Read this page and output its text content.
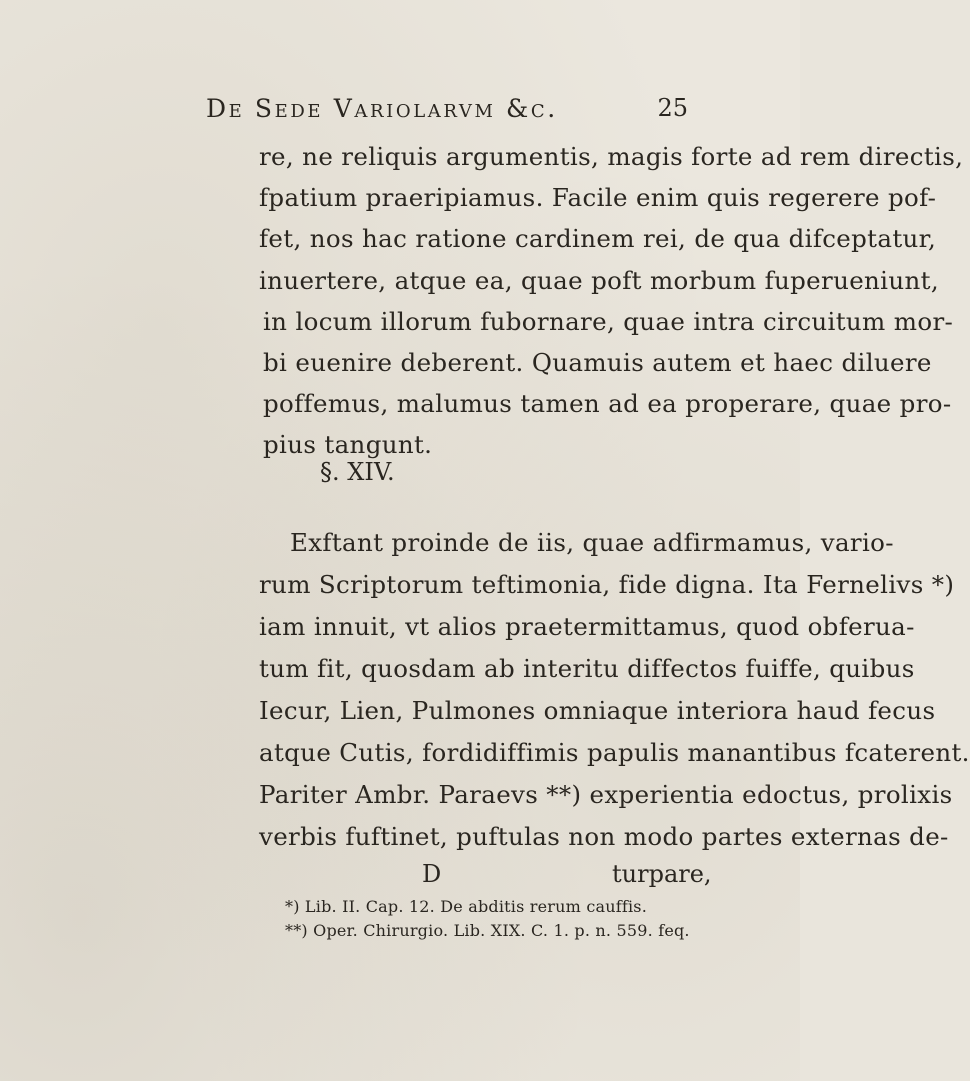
De Sede Variolarvm &c.	25
re, ne reliquis argumentis, magis forte ad rem directis,
fpatium praeripiamus. Facile enim quis regerere pof-
fet, nos hac ratione cardinem rei, de qua difceptatur,
inuertere, atque ea, quae poft morbum fuperueniunt,
in locum illorum fubornare, quae intra circuitum mor-
bi euenire deberent. Quamuis autem et haec diluere
poffemus, malumus tamen ad ea properare, quae pro-
pius tangunt.
§. XIV.
Exftant proinde de iis, quae adfirmamus, vario-
rum Scriptorum teftimonia, fide digna. Ita Fernelivs *)
iam innuit, vt alios praetermittamus, quod obferua-
tum fit, quosdam ab interitu diffectos fuiffe, quibus
Iecur, Lien, Pulmones omniaque interiora haud fecus
atque Cutis, fordidiffimis papulis manantibus fcaterent.
Pariter Ambr. Paraevs **) experientia edoctus, prolixis
verbis fuftinet, puftulas non modo partes externas de-
D	turpare,
*) Lib. II. Cap. 12. De abditis rerum cauffis.
**) Oper. Chirurgio. Lib. XIX. C. 1. p. n. 559. feq.
